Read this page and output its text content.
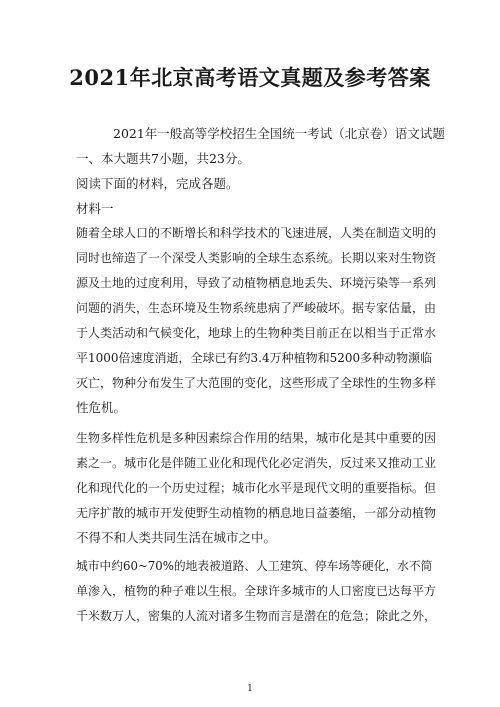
2021年北京高考语文真题及参考答案
2021年一般高等学校招生全国统一考试（北京卷）语文试题
一、本大题共7小题，共23分。
阅读下面的材料，完成各题。
材料一
随着全球人口的不断增长和科学技术的飞速进展，人类在制造文明的
同时也缔造了一个深受人类影响的全球生态系统。长期以来对生物资
源及土地的过度利用，导致了动植物栖息地丢失、环境污染等一系列
问题的消失，生态环境及生物系统患病了严峻破坏。据专家估量，由
于人类活动和气候变化，地球上的生物种类目前正在以相当于正常水
平1000倍速度消逝，全球已有约3.4万种植物和5200多种动物濒临
灭亡，物种分布发生了大范围的变化，这些形成了全球性的生物多样
性危机。
生物多样性危机是多种因素综合作用的结果，城市化是其中重要的因
素之一。城市化是伴随工业化和现代化必定消失，反过来又推动工业
化和现代化的一个历史过程；城市化水平是现代文明的重要指标。但
无序扩散的城市开发使野生动植物的栖息地日益萎缩，一部分动植物
不得不和人类共同生活在城市之中。
城市中约60~70%的地表被道路、人工建筑、停车场等硬化，水不简
单渗入，植物的种子难以生根。全球许多城市的人口密度已达每平方
千米数万人，密集的人流对诸多生物而言是潜在的危急；除此之外，
1
